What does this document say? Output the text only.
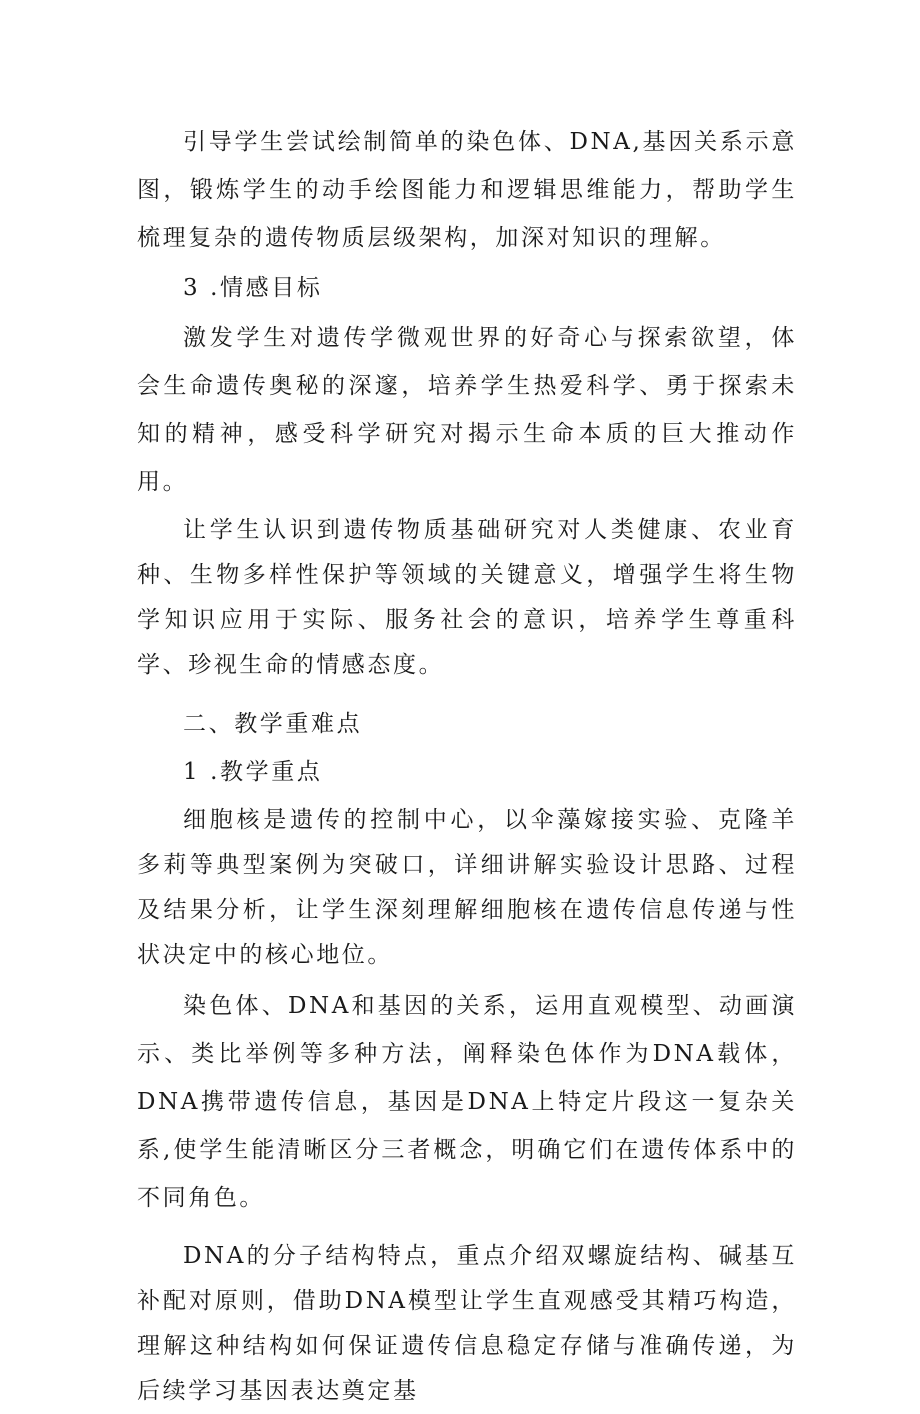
引导学生尝试绘制简单的染色体、DNA,基因关系示意图，锻炼学生的动手绘图能力和逻辑思维能力，帮助学生梳理复杂的遗传物质层级架构，加深对知识的理解。

3 .情感目标

激发学生对遗传学微观世界的好奇心与探索欲望，体会生命遗传奥秘的深邃，培养学生热爱科学、勇于探索未知的精神，感受科学研究对揭示生命本质的巨大推动作用。

让学生认识到遗传物质基础研究对人类健康、农业育种、生物多样性保护等领域的关键意义，增强学生将生物学知识应用于实际、服务社会的意识，培养学生尊重科学、珍视生命的情感态度。

二、教学重难点

1 .教学重点

细胞核是遗传的控制中心，以伞藻嫁接实验、克隆羊多莉等典型案例为突破口，详细讲解实验设计思路、过程及结果分析，让学生深刻理解细胞核在遗传信息传递与性状决定中的核心地位。

染色体、DNA和基因的关系，运用直观模型、动画演示、类比举例等多种方法，阐释染色体作为DNA载体，DNA携带遗传信息，基因是DNA上特定片段这一复杂关系,使学生能清晰区分三者概念，明确它们在遗传体系中的不同角色。

DNA的分子结构特点，重点介绍双螺旋结构、碱基互补配对原则，借助DNA模型让学生直观感受其精巧构造，理解这种结构如何保证遗传信息稳定存储与准确传递，为后续学习基因表达奠定基
